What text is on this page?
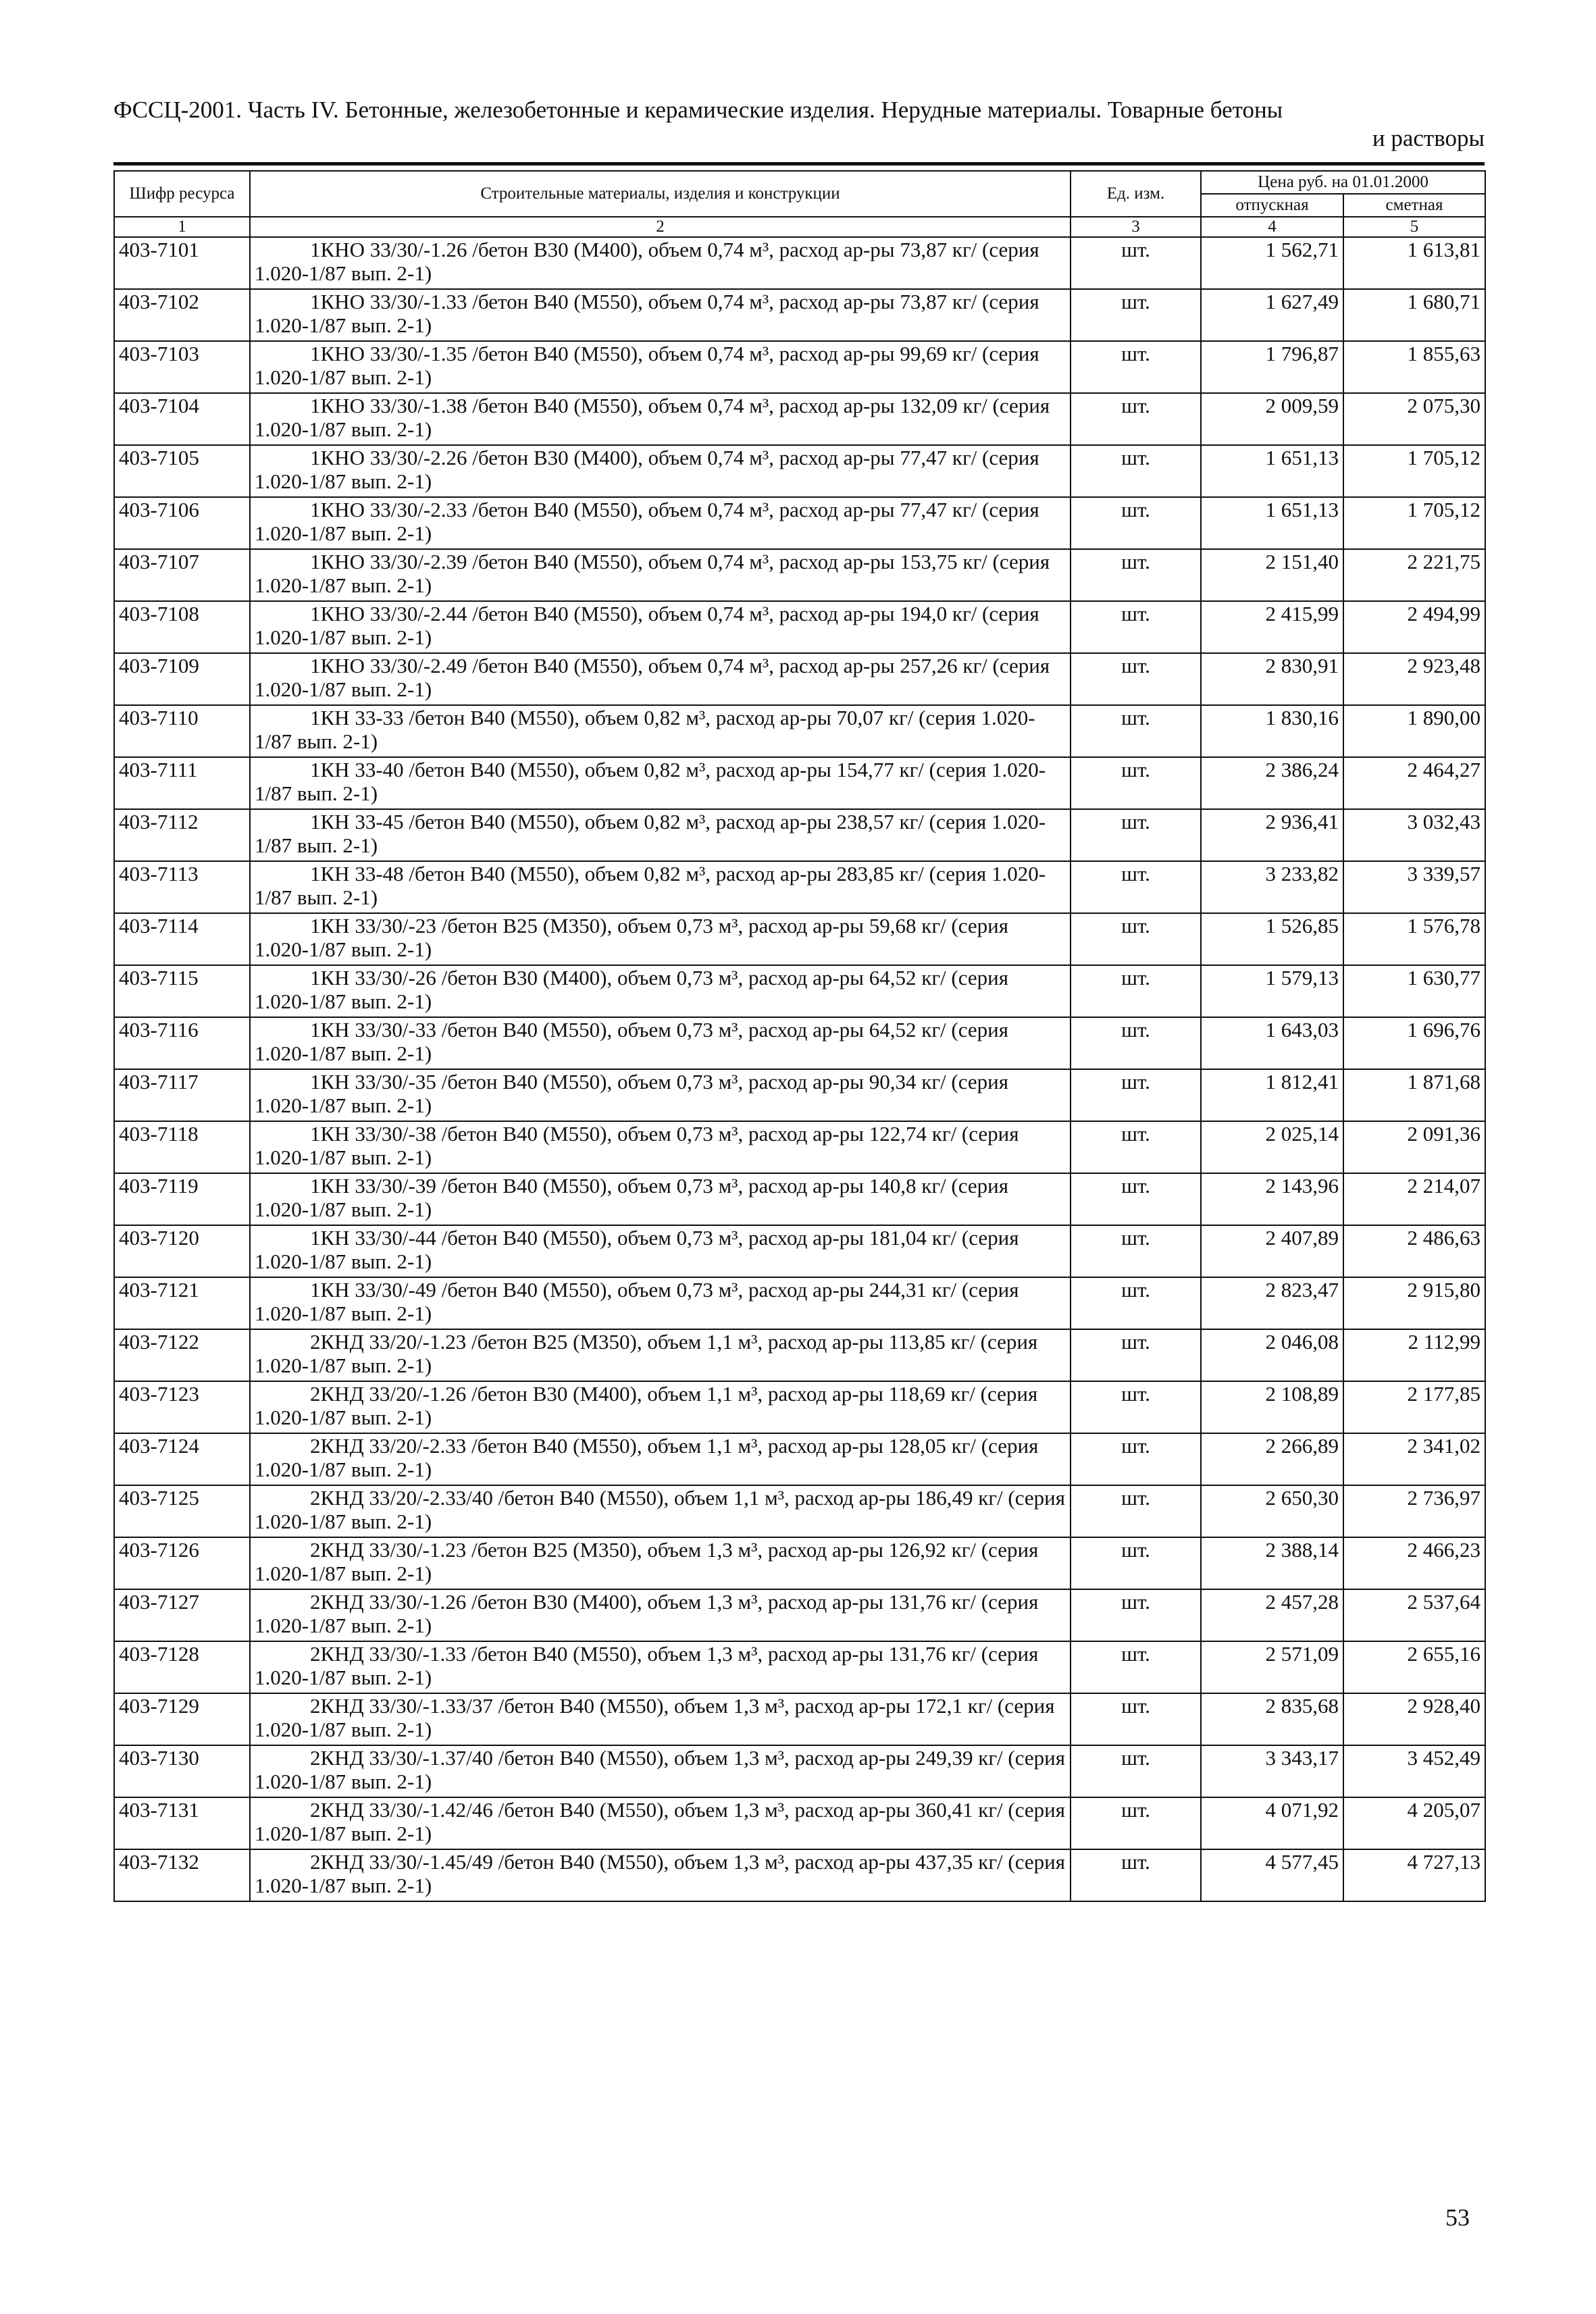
ФССЦ-2001. Часть IV. Бетонные, железобетонные и керамические изделия. Нерудные материалы. Товарные бетоны
и растворы
Шифр ресурса	Строительные материалы, изделия и конструкции	Ед. изм.	Цена руб. на 01.01.2000	
			отпускная	сметная
1	2	3	4	5
403-7101	1КНО 33/30/-1.26 /бетон В30 (М400), объем 0,74 м³, расход ар-ры 73,87 кг/ (серия 1.020-1/87 вып. 2-1)	шт.	1 562,71	1 613,81
403-7102	1КНО 33/30/-1.33 /бетон В40 (М550), объем 0,74 м³, расход ар-ры 73,87 кг/ (серия 1.020-1/87 вып. 2-1)	шт.	1 627,49	1 680,71
403-7103	1КНО 33/30/-1.35 /бетон В40 (М550), объем 0,74 м³, расход ар-ры 99,69 кг/ (серия 1.020-1/87 вып. 2-1)	шт.	1 796,87	1 855,63
403-7104	1КНО 33/30/-1.38 /бетон В40 (М550), объем 0,74 м³, расход ар-ры 132,09 кг/ (серия 1.020-1/87 вып. 2-1)	шт.	2 009,59	2 075,30
403-7105	1КНО 33/30/-2.26 /бетон В30 (М400), объем 0,74 м³, расход ар-ры 77,47 кг/ (серия 1.020-1/87 вып. 2-1)	шт.	1 651,13	1 705,12
403-7106	1КНО 33/30/-2.33 /бетон В40 (М550), объем 0,74 м³, расход ар-ры 77,47 кг/ (серия 1.020-1/87 вып. 2-1)	шт.	1 651,13	1 705,12
403-7107	1КНО 33/30/-2.39 /бетон В40 (М550), объем 0,74 м³, расход ар-ры 153,75 кг/ (серия 1.020-1/87 вып. 2-1)	шт.	2 151,40	2 221,75
403-7108	1КНО 33/30/-2.44 /бетон В40 (М550), объем 0,74 м³, расход ар-ры 194,0 кг/ (серия 1.020-1/87 вып. 2-1)	шт.	2 415,99	2 494,99
403-7109	1КНО 33/30/-2.49 /бетон В40 (М550), объем 0,74 м³, расход ар-ры 257,26 кг/ (серия 1.020-1/87 вып. 2-1)	шт.	2 830,91	2 923,48
403-7110	1КН 33-33 /бетон В40 (М550), объем 0,82 м³, расход ар-ры 70,07 кг/ (серия 1.020-1/87 вып. 2-1)	шт.	1 830,16	1 890,00
403-7111	1КН 33-40 /бетон В40 (М550), объем 0,82 м³, расход ар-ры 154,77 кг/ (серия 1.020-1/87 вып. 2-1)	шт.	2 386,24	2 464,27
403-7112	1КН 33-45 /бетон В40 (М550), объем 0,82 м³, расход ар-ры 238,57 кг/ (серия 1.020-1/87 вып. 2-1)	шт.	2 936,41	3 032,43
403-7113	1КН 33-48 /бетон В40 (М550), объем 0,82 м³, расход ар-ры 283,85 кг/ (серия 1.020-1/87 вып. 2-1)	шт.	3 233,82	3 339,57
403-7114	1КН 33/30/-23 /бетон В25 (М350), объем 0,73 м³, расход ар-ры 59,68 кг/ (серия 1.020-1/87 вып. 2-1)	шт.	1 526,85	1 576,78
403-7115	1КН 33/30/-26 /бетон В30 (М400), объем 0,73 м³, расход ар-ры 64,52 кг/ (серия 1.020-1/87 вып. 2-1)	шт.	1 579,13	1 630,77
403-7116	1КН 33/30/-33 /бетон В40 (М550), объем 0,73 м³, расход ар-ры 64,52 кг/ (серия 1.020-1/87 вып. 2-1)	шт.	1 643,03	1 696,76
403-7117	1КН 33/30/-35 /бетон В40 (М550), объем 0,73 м³, расход ар-ры 90,34 кг/ (серия 1.020-1/87 вып. 2-1)	шт.	1 812,41	1 871,68
403-7118	1КН 33/30/-38 /бетон В40 (М550), объем 0,73 м³, расход ар-ры 122,74 кг/ (серия 1.020-1/87 вып. 2-1)	шт.	2 025,14	2 091,36
403-7119	1КН 33/30/-39 /бетон В40 (М550), объем 0,73 м³, расход ар-ры 140,8 кг/ (серия 1.020-1/87 вып. 2-1)	шт.	2 143,96	2 214,07
403-7120	1КН 33/30/-44 /бетон В40 (М550), объем 0,73 м³, расход ар-ры 181,04 кг/ (серия 1.020-1/87 вып. 2-1)	шт.	2 407,89	2 486,63
403-7121	1КН 33/30/-49 /бетон В40 (М550), объем 0,73 м³, расход ар-ры 244,31 кг/ (серия 1.020-1/87 вып. 2-1)	шт.	2 823,47	2 915,80
403-7122	2КНД 33/20/-1.23 /бетон В25 (М350), объем 1,1 м³, расход ар-ры 113,85 кг/ (серия 1.020-1/87 вып. 2-1)	шт.	2 046,08	2 112,99
403-7123	2КНД 33/20/-1.26 /бетон В30 (М400), объем 1,1 м³, расход ар-ры 118,69 кг/ (серия 1.020-1/87 вып. 2-1)	шт.	2 108,89	2 177,85
403-7124	2КНД 33/20/-2.33 /бетон В40 (М550), объем 1,1 м³, расход ар-ры 128,05 кг/ (серия 1.020-1/87 вып. 2-1)	шт.	2 266,89	2 341,02
403-7125	2КНД 33/20/-2.33/40 /бетон В40 (М550), объем 1,1 м³, расход ар-ры 186,49 кг/ (серия 1.020-1/87 вып. 2-1)	шт.	2 650,30	2 736,97
403-7126	2КНД 33/30/-1.23 /бетон В25 (М350), объем 1,3 м³, расход ар-ры 126,92 кг/ (серия 1.020-1/87 вып. 2-1)	шт.	2 388,14	2 466,23
403-7127	2КНД 33/30/-1.26 /бетон В30 (М400), объем 1,3 м³, расход ар-ры 131,76 кг/ (серия 1.020-1/87 вып. 2-1)	шт.	2 457,28	2 537,64
403-7128	2КНД 33/30/-1.33 /бетон В40 (М550), объем 1,3 м³, расход ар-ры 131,76 кг/ (серия 1.020-1/87 вып. 2-1)	шт.	2 571,09	2 655,16
403-7129	2КНД 33/30/-1.33/37 /бетон В40 (М550), объем 1,3 м³, расход ар-ры 172,1 кг/ (серия 1.020-1/87 вып. 2-1)	шт.	2 835,68	2 928,40
403-7130	2КНД 33/30/-1.37/40 /бетон В40 (М550), объем 1,3 м³, расход ар-ры 249,39 кг/ (серия 1.020-1/87 вып. 2-1)	шт.	3 343,17	3 452,49
403-7131	2КНД 33/30/-1.42/46 /бетон В40 (М550), объем 1,3 м³, расход ар-ры 360,41 кг/ (серия 1.020-1/87 вып. 2-1)	шт.	4 071,92	4 205,07
403-7132	2КНД 33/30/-1.45/49 /бетон В40 (М550), объем 1,3 м³, расход ар-ры 437,35 кг/ (серия 1.020-1/87 вып. 2-1)	шт.	4 577,45	4 727,13
53
